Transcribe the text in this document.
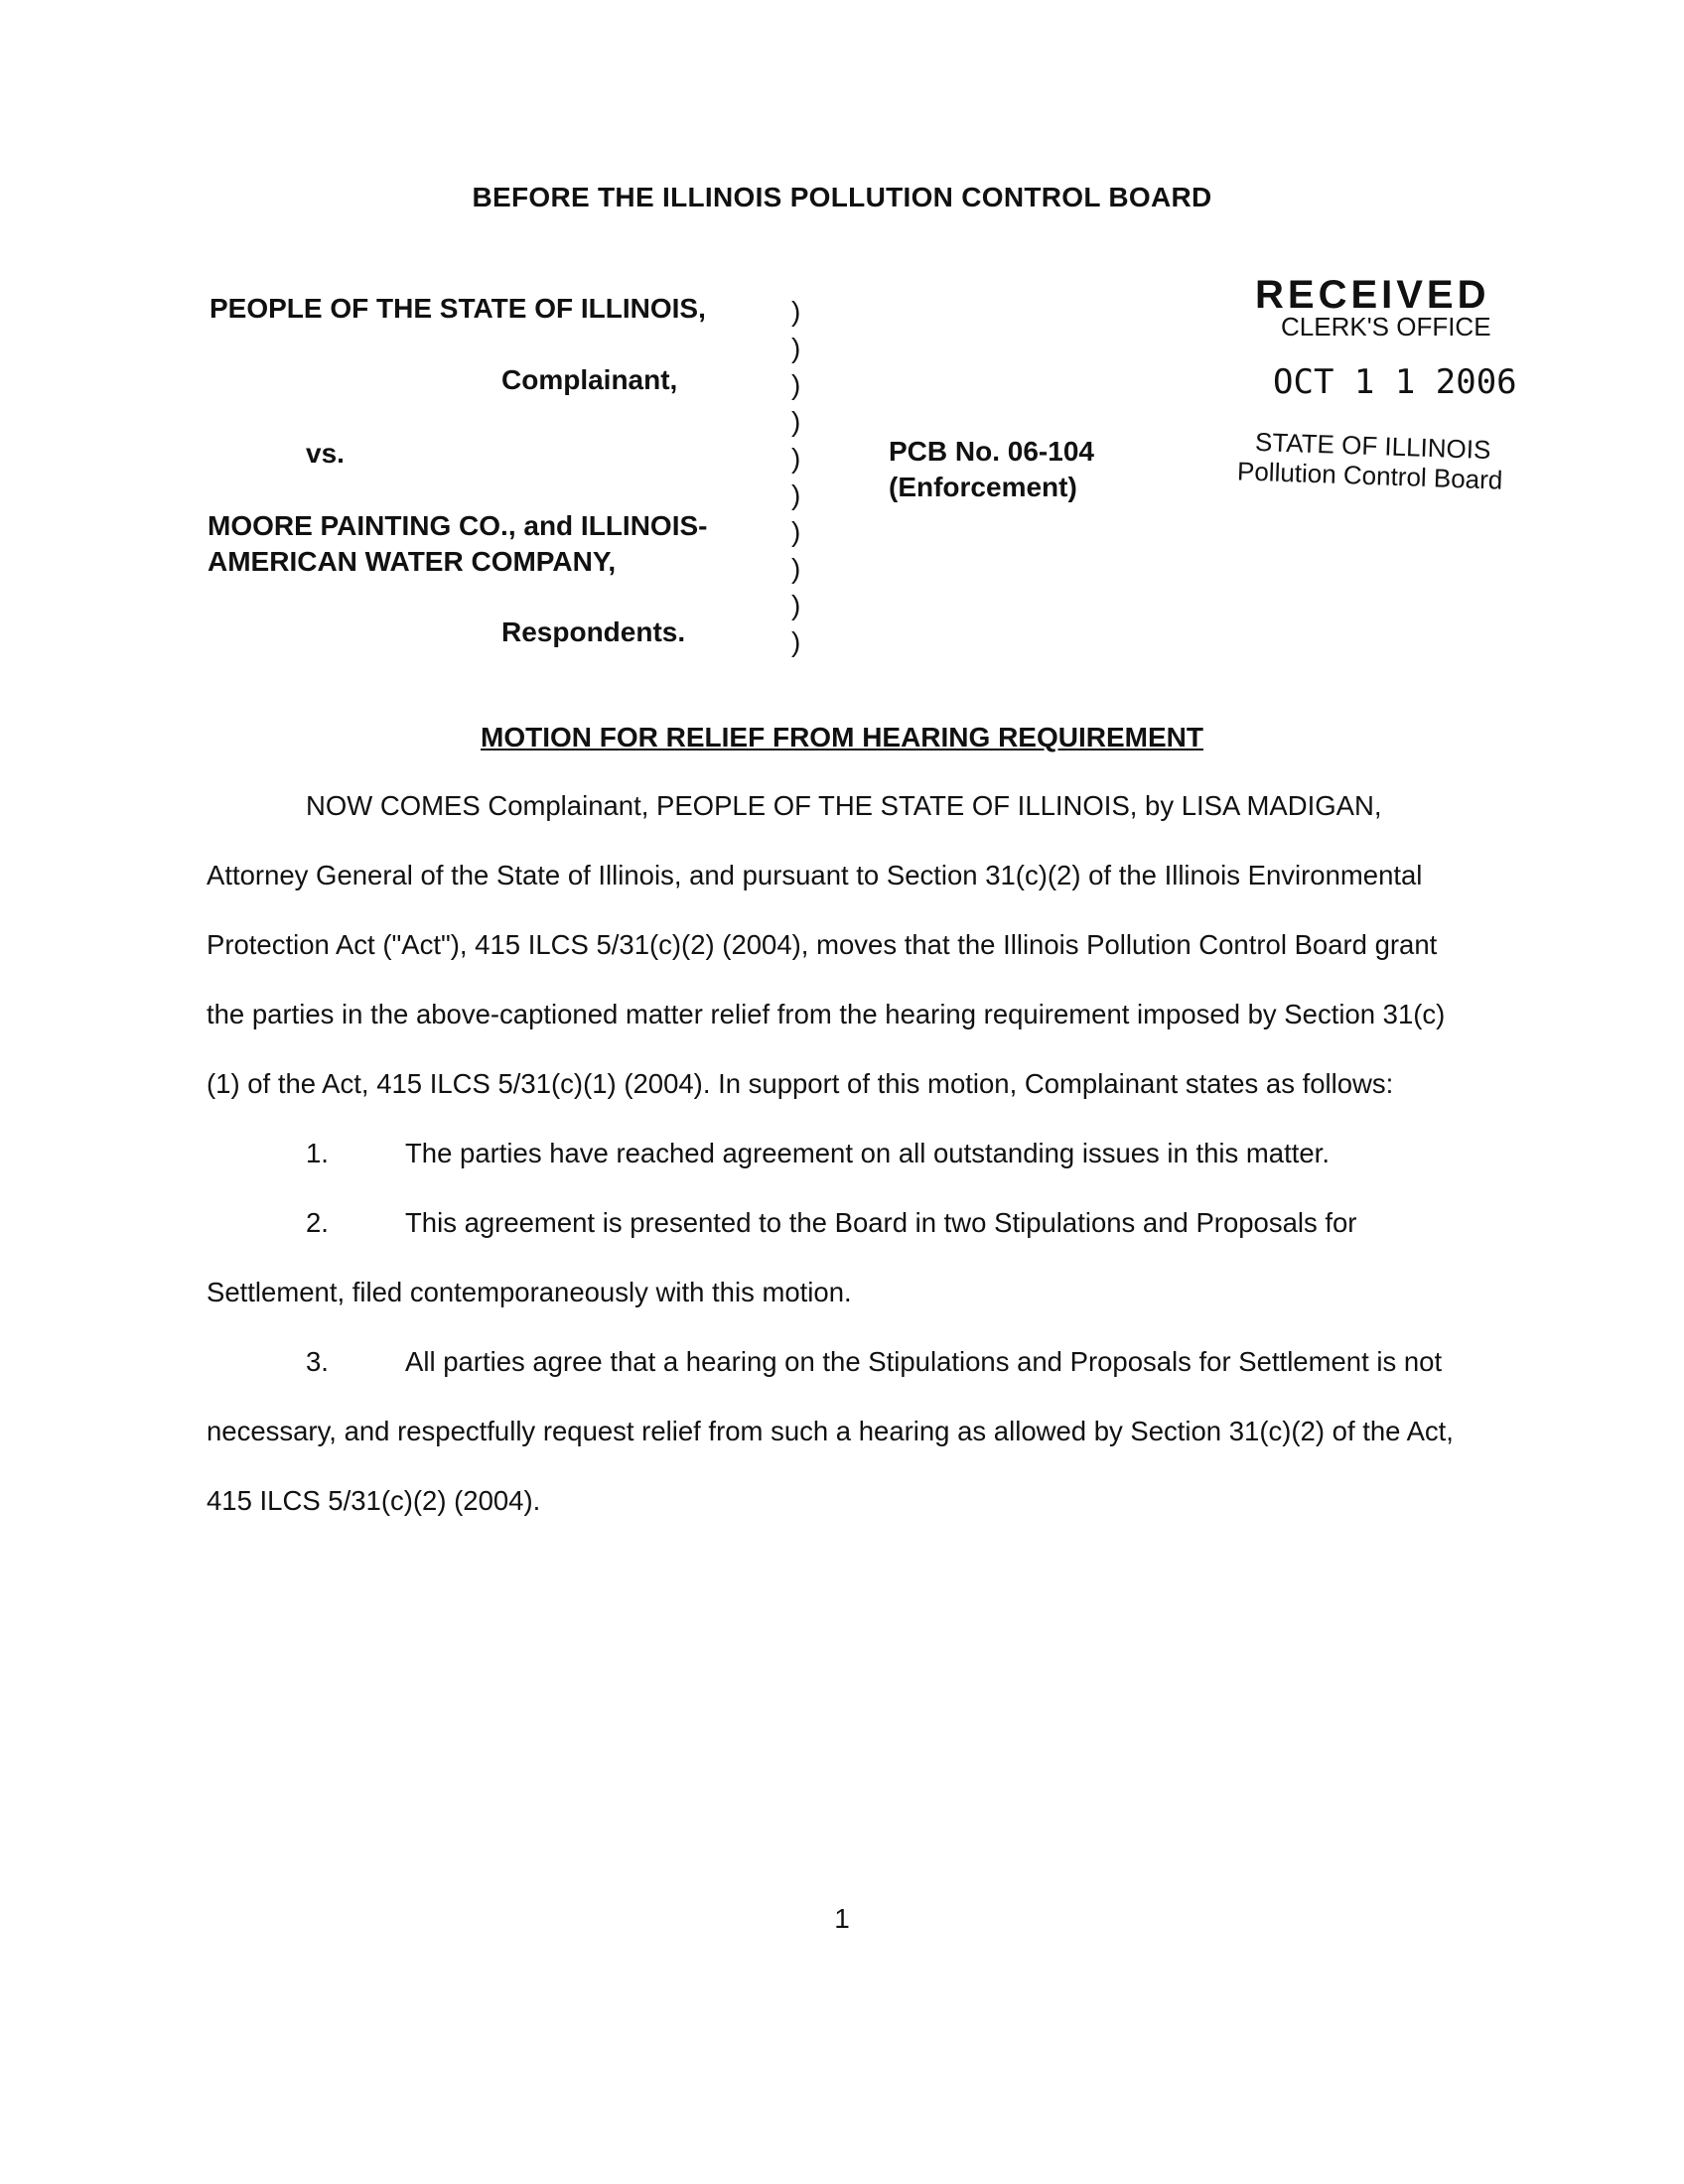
BEFORE THE ILLINOIS POLLUTION CONTROL BOARD
PEOPLE OF THE STATE OF ILLINOIS,
Complainant,
vs.
MOORE PAINTING CO., and ILLINOIS-
AMERICAN WATER COMPANY,
Respondents.
)
)
)
)
)
)
)
)
)
)
PCB No. 06-104
(Enforcement)
RECEIVED
CLERK'S OFFICE
OCT 1 1 2006
STATE OF ILLINOIS
Pollution Control Board
MOTION FOR RELIEF FROM HEARING REQUIREMENT

NOW COMES Complainant, PEOPLE OF THE STATE OF ILLINOIS, by LISA MADIGAN, Attorney General of the State of Illinois, and pursuant to Section 31(c)(2) of the Illinois Environmental Protection Act ("Act"), 415 ILCS 5/31(c)(2) (2004), moves that the Illinois Pollution Control Board grant the parties in the above-captioned matter relief from the hearing requirement imposed by Section 31(c)(1) of the Act, 415 ILCS 5/31(c)(1) (2004). In support of this motion, Complainant states as follows:

1.	The parties have reached agreement on all outstanding issues in this matter.

2.	This agreement is presented to the Board in two Stipulations and Proposals for Settlement, filed contemporaneously with this motion.

3.	All parties agree that a hearing on the Stipulations and Proposals for Settlement is not necessary, and respectfully request relief from such a hearing as allowed by Section 31(c)(2) of the Act, 415 ILCS 5/31(c)(2) (2004).

1
